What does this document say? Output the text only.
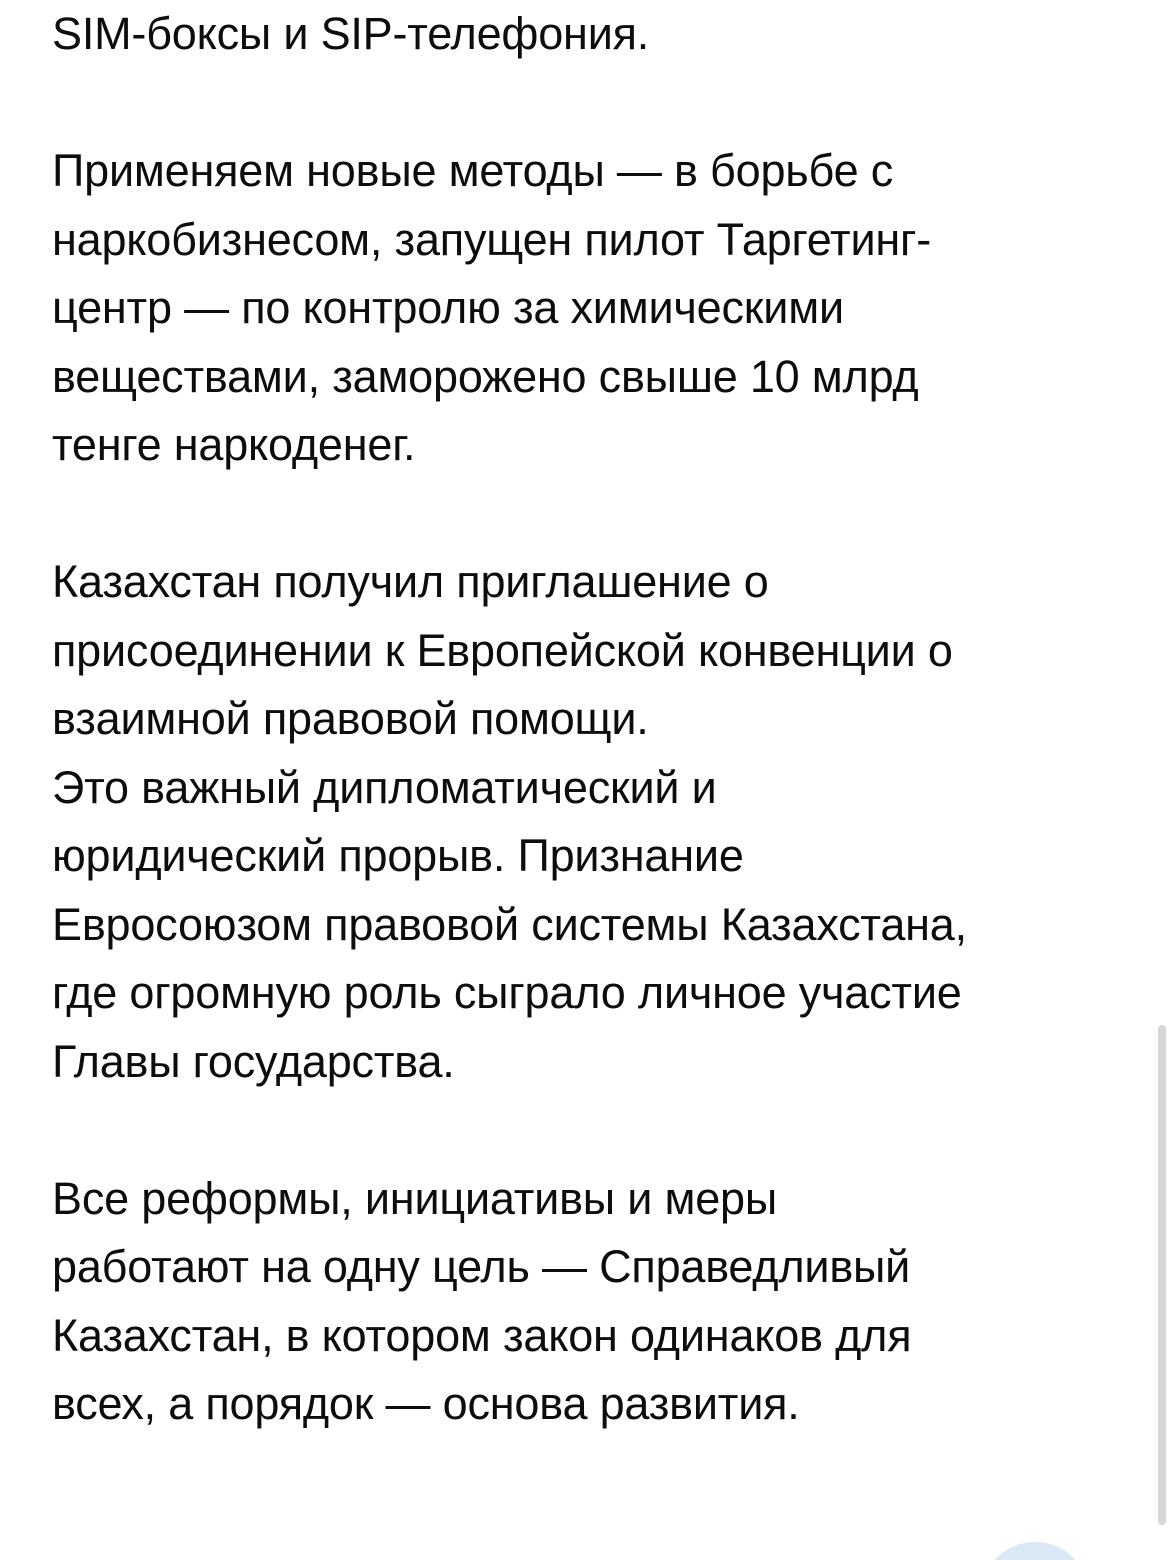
SIM-боксы и SIP-телефония.
Применяем новые методы — в борьбе с
наркобизнесом, запущен пилот Таргетинг-
центр — по контролю за химическими
веществами, заморожено свыше 10 млрд
тенге наркоденег.
Казахстан получил приглашение о
присоединении к Европейской конвенции о
взаимной правовой помощи.
Это важный дипломатический и
юридический прорыв. Признание
Евросоюзом правовой системы Казахстана,
где огромную роль сыграло личное участие
Главы государства.
Все реформы, инициативы и меры
работают на одну цель — Справедливый
Казахстан, в котором закон одинаков для
всех, а порядок — основа развития.
